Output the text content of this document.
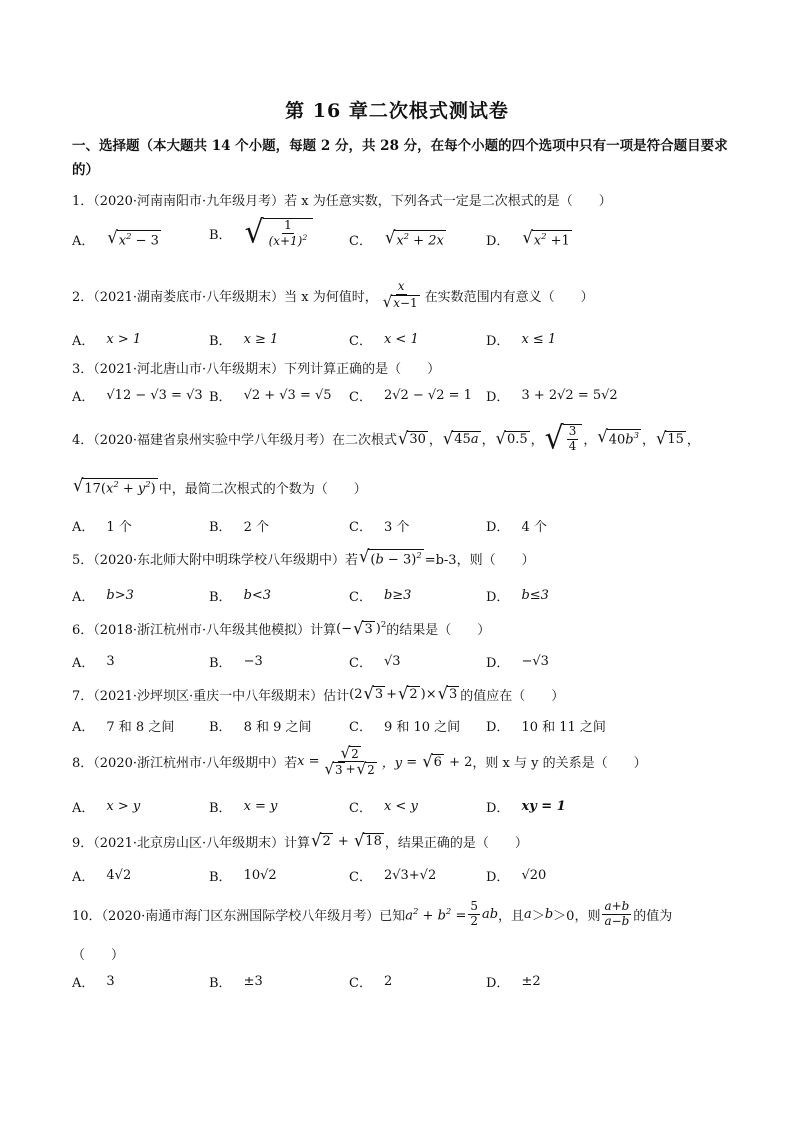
第 16 章二次根式测试卷
一、选择题（本大题共 14 个小题，每题 2 分，共 28 分，在每个小题的四个选项中只有一项是符合题目要求的）
1．（2020·河南南阳市·九年级月考）若 x 为任意实数，下列各式一定是二次根式的是（　　）
A． √ $x^2 - 3$	B． √ $\frac{1}{(x+1)^2}$	C． √ $x^2 + 2x$	D． √ $x^2 +1$
2．（2021·湖南娄底市·八年级期末）当 x 为何值时， $\frac{x}{√ x-1}$ 在实数范围内有意义（　　）
A． x > 1	B． x ≥ 1	C． x < 1	D． x ≤ 1
3．（2021·河北唐山市·八年级期末）下列计算正确的是（　　）
A． √12 − √3 = √3 B． √2 + √3 = √5 C． 2√2 − √2 = 1 D． 3 + 2√2 = 5√2
4．（2020·福建省泉州实验中学八年级月考）在二次根式 √ 30 ， √ 45a ， √ 0.5 ， √ $\frac{3}{4}$ ， √ $40b^3$ ， √ 15 ，
√ $17(x^2 + y^2)$ 中，最简二次根式的个数为（　　）
A． 1 个	B． 2 个	C． 3 个	D． 4 个
5．（2020·东北师大附中明珠学校八年级期中）若 √ $(b - 3)^2 =b-3$，则（　　）
A． b>3	B． b<3	C． b≥3	D． b≤3
6．（2018·浙江杭州市·八年级其他模拟）计算 (− √ 3 )$^2$ 的结果是（　　）
A． 3	B． −3	C． √3	D． −√3
7．（2021·沙坪坝区·重庆一中八年级期末）估计 (2 √ 3 + √ 2 )× √ 3 的值应在（　　）
A． 7 和 8 之间	B． 8 和 9 之间	C． 9 和 10 之间 D． 10 和 11 之间
8．（2020·浙江杭州市·八年级期中）若 $x = \frac{√ 2}{√ 3 + √ 2}$ ，y = √ 6 + 2 ，则 x 与 y 的关系是（　　）
A． x > y	B． x = y	C． x < y	D． xy = 1
9．（2021·北京房山区·八年级期末）计算 √ 2 + √ 18 ，结果正确的是（　　）
A． 4√2	B． 10√2	C． 2√3+√2	D． √20
10．（2020·南通市海门区东洲国际学校八年级月考）已知 $a^2 + b^2 = \frac{5}{2}$ ab ，且 a ＞ b ＞0 ，则 $\frac{a+b}{a-b}$ 的值为
（　　）
A． 3	B． ±3	C． 2	D． ±2
